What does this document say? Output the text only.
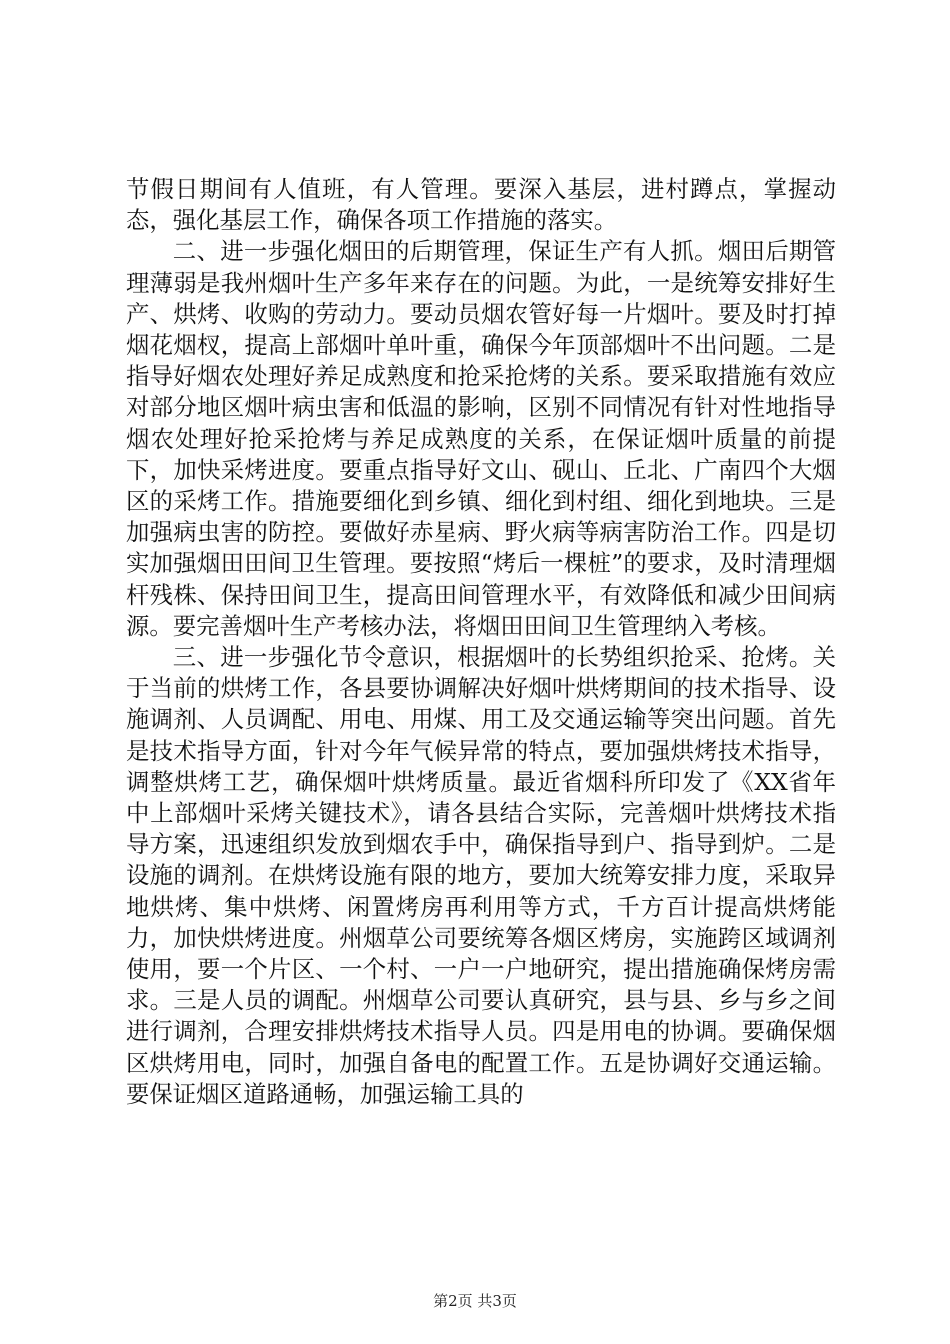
节假日期间有人值班，有人管理。要深入基层，进村蹲点，掌握动态，强化基层工作，确保各项工作措施的落实。

二、进一步强化烟田的后期管理，保证生产有人抓。烟田后期管理薄弱是我州烟叶生产多年来存在的问题。为此，一是统筹安排好生产、烘烤、收购的劳动力。要动员烟农管好每一片烟叶。要及时打掉烟花烟杈，提高上部烟叶单叶重，确保今年顶部烟叶不出问题。二是指导好烟农处理好养足成熟度和抢采抢烤的关系。要采取措施有效应对部分地区烟叶病虫害和低温的影响，区别不同情况有针对性地指导烟农处理好抢采抢烤与养足成熟度的关系，在保证烟叶质量的前提下，加快采烤进度。要重点指导好文山、砚山、丘北、广南四个大烟区的采烤工作。措施要细化到乡镇、细化到村组、细化到地块。三是加强病虫害的防控。要做好赤星病、野火病等病害防治工作。四是切实加强烟田田间卫生管理。要按照“烤后一棵桩”的要求，及时清理烟杆残株、保持田间卫生，提高田间管理水平，有效降低和减少田间病源。要完善烟叶生产考核办法，将烟田田间卫生管理纳入考核。

三、进一步强化节令意识，根据烟叶的长势组织抢采、抢烤。关于当前的烘烤工作，各县要协调解决好烟叶烘烤期间的技术指导、设施调剂、人员调配、用电、用煤、用工及交通运输等突出问题。首先是技术指导方面，针对今年气候异常的特点，要加强烘烤技术指导，调整烘烤工艺，确保烟叶烘烤质量。最近省烟科所印发了《XX省年中上部烟叶采烤关键技术》，请各县结合实际，完善烟叶烘烤技术指导方案，迅速组织发放到烟农手中，确保指导到户、指导到炉。二是设施的调剂。在烘烤设施有限的地方，要加大统筹安排力度，采取异地烘烤、集中烘烤、闲置烤房再利用等方式，千方百计提高烘烤能力，加快烘烤进度。州烟草公司要统筹各烟区烤房，实施跨区域调剂使用，要一个片区、一个村、一户一户地研究，提出措施确保烤房需求。三是人员的调配。州烟草公司要认真研究，县与县、乡与乡之间进行调剂，合理安排烘烤技术指导人员。四是用电的协调。要确保烟区烘烤用电，同时，加强自备电的配置工作。五是协调好交通运输。要保证烟区道路通畅，加强运输工具的

第2页 共3页
